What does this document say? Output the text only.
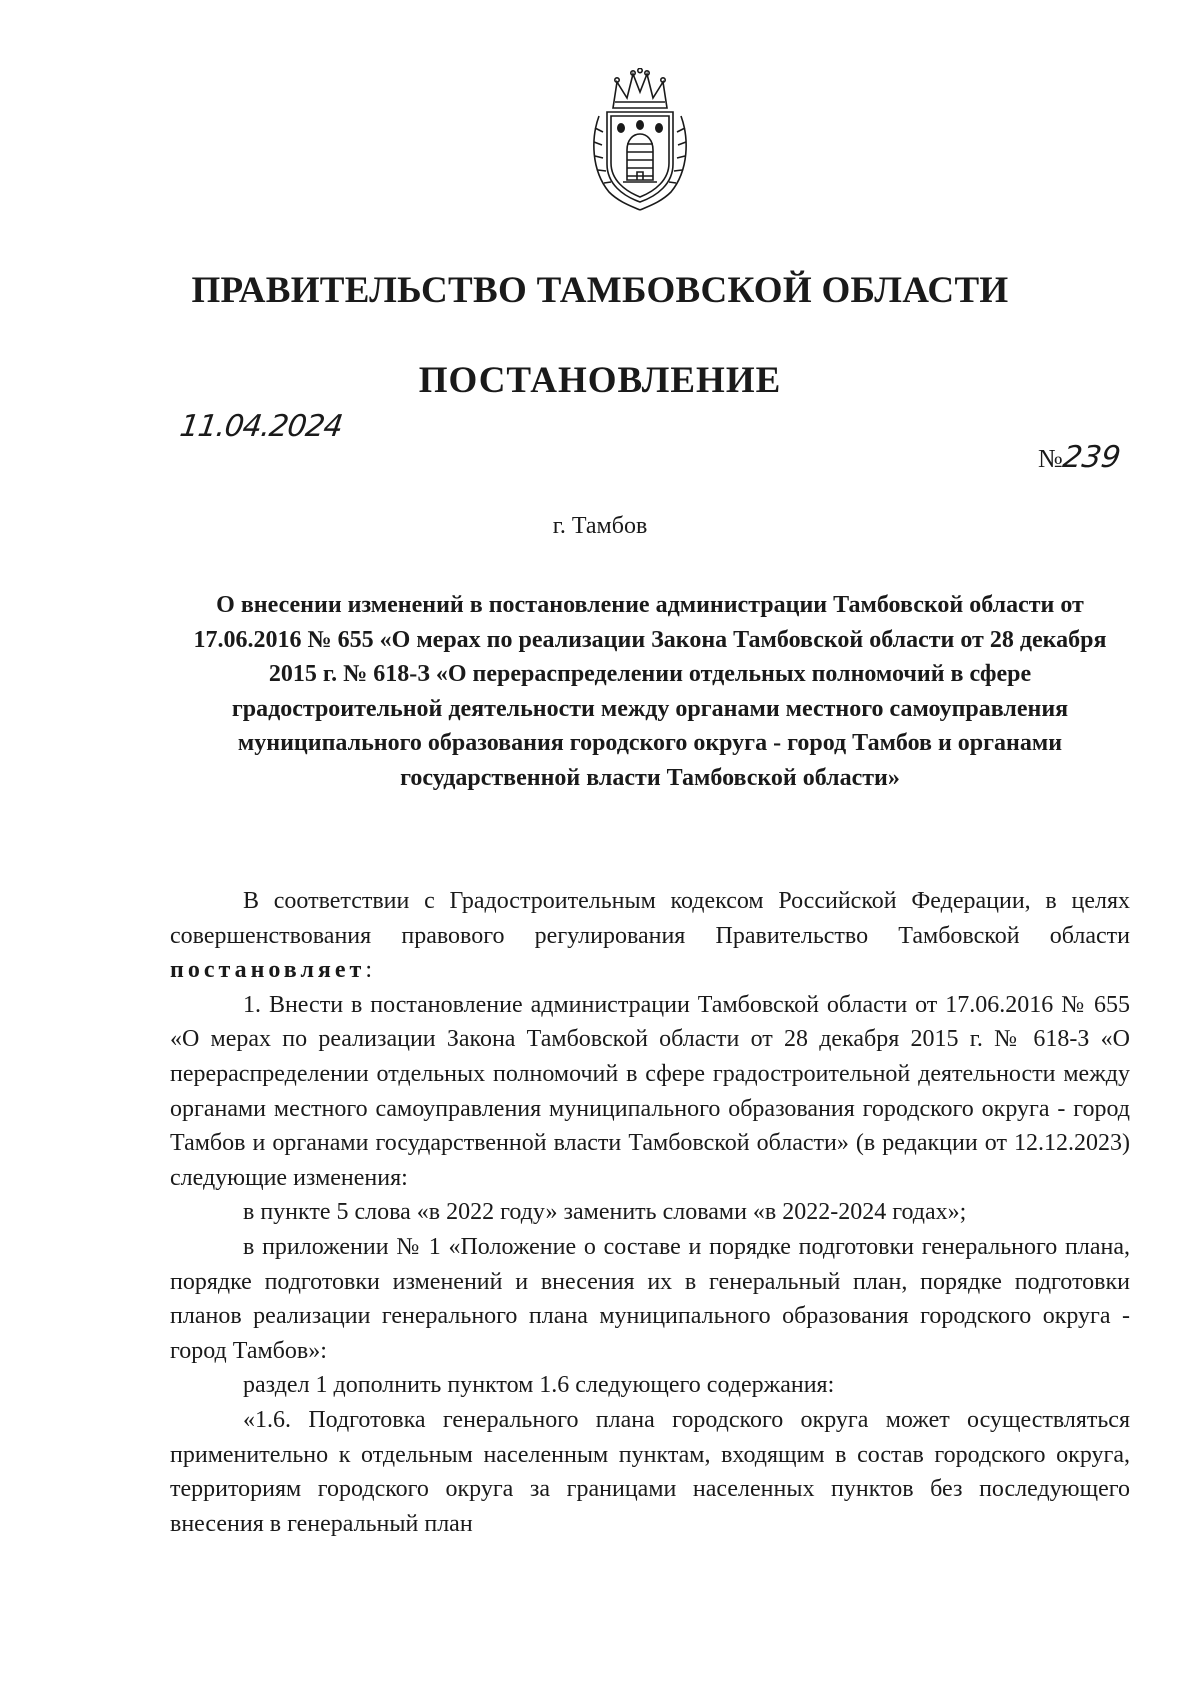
ПРАВИТЕЛЬСТВО ТАМБОВСКОЙ ОБЛАСТИ
ПОСТАНОВЛЕНИЕ
11.04.2024
№239
г. Тамбов
О внесении изменений в постановление администрации Тамбовской области от 17.06.2016 № 655 «О мерах по реализации Закона Тамбовской области от 28 декабря 2015 г. № 618-З «О перераспределении отдельных полномочий в сфере градостроительной деятельности между органами местного самоуправления муниципального образования городского округа - город Тамбов и органами государственной власти Тамбовской области»

В соответствии с Градостроительным кодексом Российской Федерации, в целях совершенствования правового регулирования Правительство Тамбовской области постановляет:

1. Внести в постановление администрации Тамбовской области от 17.06.2016 № 655 «О мерах по реализации Закона Тамбовской области от 28 декабря 2015 г. № 618-З «О перераспределении отдельных полномочий в сфере градостроительной деятельности между органами местного самоуправления муниципального образования городского округа - город Тамбов и органами государственной власти Тамбовской области» (в редакции от 12.12.2023) следующие изменения:

в пункте 5 слова «в 2022 году» заменить словами «в 2022-2024 годах»;

в приложении № 1 «Положение о составе и порядке подготовки генерального плана, порядке подготовки изменений и внесения их в генеральный план, порядке подготовки планов реализации генерального плана муниципального образования городского округа - город Тамбов»:

раздел 1 дополнить пунктом 1.6 следующего содержания:

«1.6. Подготовка генерального плана городского округа может осуществляться применительно к отдельным населенным пунктам, входящим в состав городского округа, территориям городского округа за границами населенных пунктов без последующего внесения в генеральный план
